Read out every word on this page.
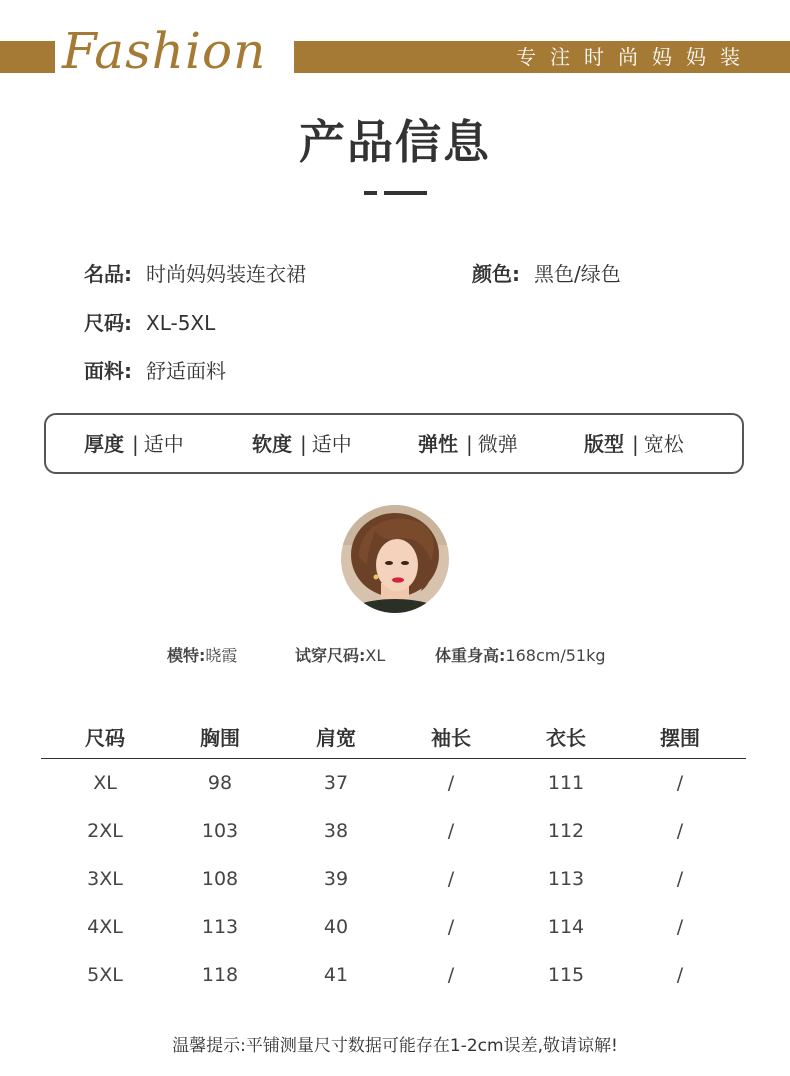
Fashion	专注时尚妈妈装
产品信息
名品: 时尚妈妈装连衣裙	颜色: 黑色/绿色
尺码: XL-5XL
面料: 舒适面料
厚度 | 适中	软度 | 适中	弹性 | 微弹	版型 | 宽松
模特:晓霞	试穿尺码:XL	体重身高:168cm/51kg
尺码	胸围	肩宽	袖长	衣长	摆围
XL	98	37	/	111	/
2XL	103	38	/	112	/
3XL	108	39	/	113	/
4XL	113	40	/	114	/
5XL	118	41	/	115	/
温馨提示:平铺测量尺寸数据可能存在1-2cm误差,敬请谅解!
